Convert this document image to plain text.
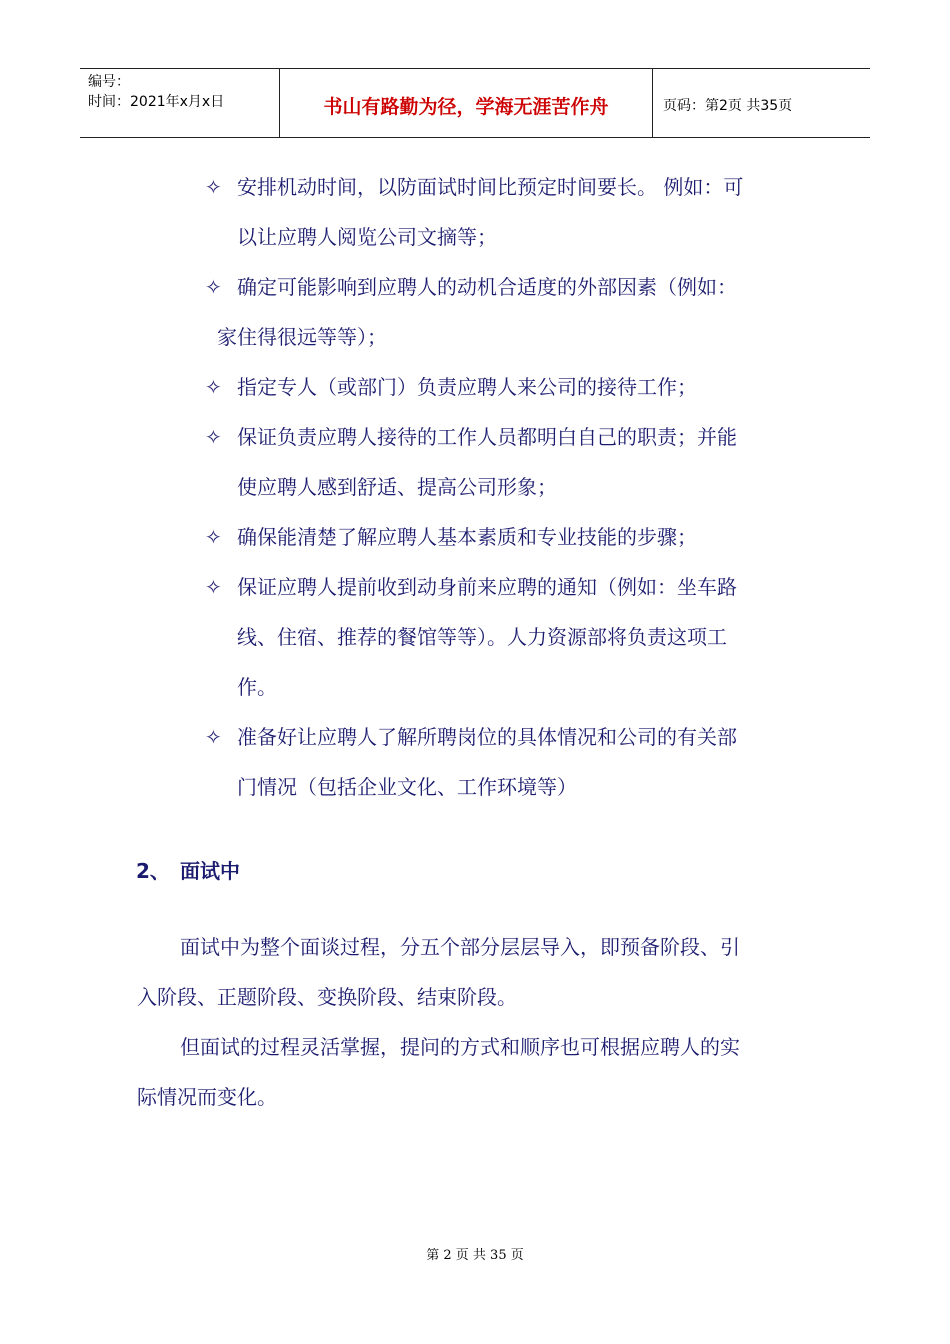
编号：
时间：2021年x月x日	书山有路勤为径，学海无涯苦作舟	页码：第2页 共35页
✧ 安排机动时间，以防面试时间比预定时间要长。 例如：可
以让应聘人阅览公司文摘等；
✧ 确定可能影响到应聘人的动机合适度的外部因素（例如：
家住得很远等等）；
✧ 指定专人（或部门）负责应聘人来公司的接待工作；
✧ 保证负责应聘人接待的工作人员都明白自己的职责；并能
使应聘人感到舒适、提高公司形象；
✧ 确保能清楚了解应聘人基本素质和专业技能的步骤；
✧ 保证应聘人提前收到动身前来应聘的通知（例如：坐车路
线、住宿、推荐的餐馆等等）。人力资源部将负责这项工
作。
✧ 准备好让应聘人了解所聘岗位的具体情况和公司的有关部
门情况（包括企业文化、工作环境等）
2、 面试中
面试中为整个面谈过程，分五个部分层层导入，即预备阶段、引
入阶段、正题阶段、变换阶段、结束阶段。
但面试的过程灵活掌握，提问的方式和顺序也可根据应聘人的实
际情况而变化。
第 2 页 共 35 页
